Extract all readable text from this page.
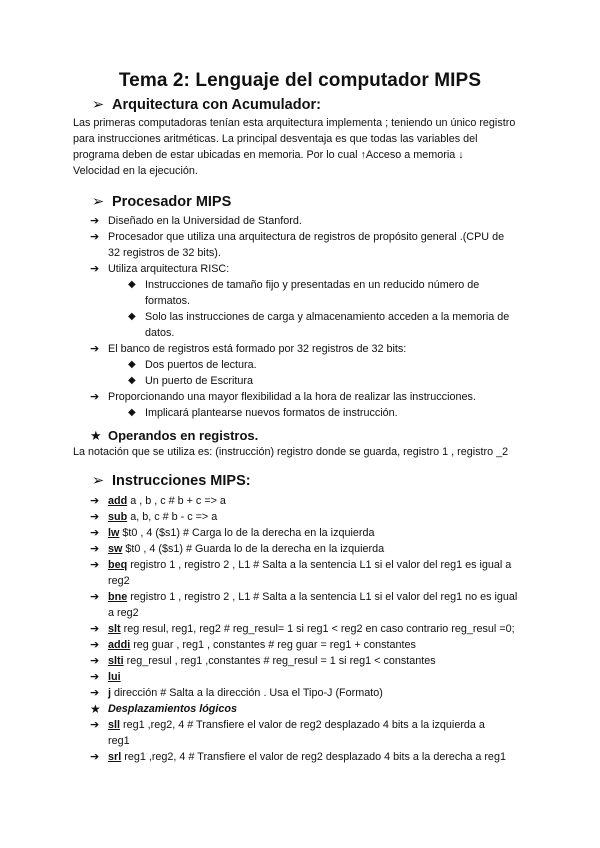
Tema 2: Lenguaje del computador MIPS
➢ Arquitectura con Acumulador:
Las primeras computadoras tenían esta arquitectura implementa ; teniendo un único registro
para instrucciones aritméticas. La principal desventaja es que todas las variables del
programa deben de estar ubicadas en memoria. Por lo cual ↑Acceso a memoria ↓
Velocidad en la ejecución.
➢ Procesador MIPS
➔ Diseñado en la Universidad de Stanford.
➔ Procesador que utiliza una arquitectura de registros de propósito general .(CPU de
32 registros de 32 bits).
➔ Utiliza arquitectura RISC:
◆ Instrucciones de tamaño fijo y presentadas en un reducido número de
formatos.
◆ Solo las instrucciones de carga y almacenamiento acceden a la memoria de
datos.
➔ El banco de registros está formado por 32 registros de 32 bits:
◆ Dos puertos de lectura.
◆ Un puerto de Escritura
➔ Proporcionando una mayor flexibilidad a la hora de realizar las instrucciones.
◆ Implicará plantearse nuevos formatos de instrucción.
★ Operandos en registros.
La notación que se utiliza es: (instrucción) registro donde se guarda, registro 1 , registro _2
➢ Instrucciones MIPS:
➔ add a , b , c # b + c => a
➔ sub a, b, c # b - c => a
➔ lw $t0 , 4 ($s1) # Carga lo de la derecha en la izquierda
➔ sw $t0 , 4 ($s1) # Guarda lo de la derecha en la izquierda
➔ beq registro 1 , registro 2 , L1 # Salta a la sentencia L1 si el valor del reg1 es igual a
reg2
➔ bne registro 1 , registro 2 , L1 # Salta a la sentencia L1 si el valor del reg1 no es igual
a reg2
➔ slt reg resul, reg1, reg2 # reg_resul= 1 si reg1 < reg2 en caso contrario reg_resul =0;
➔ addi reg guar , reg1 , constantes # reg guar = reg1 + constantes
➔ slti reg_resul , reg1 ,constantes # reg_resul = 1 si reg1 < constantes
➔ lui
➔ j dirección # Salta a la dirección . Usa el Tipo-J (Formato)
★ Desplazamientos lógicos
➔ sll reg1 ,reg2, 4 # Transfiere el valor de reg2 desplazado 4 bits a la izquierda a
reg1
➔ srl reg1 ,reg2, 4 # Transfiere el valor de reg2 desplazado 4 bits a la derecha a reg1
